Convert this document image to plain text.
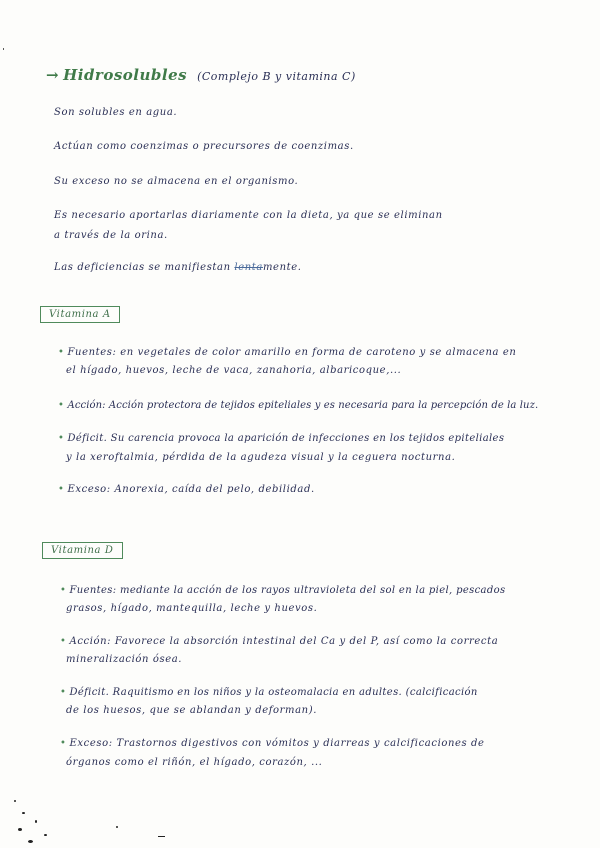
→ Hidrosolubles (Complejo B y vitamina C)
Son solubles en agua.
Actúan como coenzimas o precursores de coenzimas.
Su exceso no se almacena en el organismo.
Es necesario aportarlas diariamente con la dieta, ya que se eliminan
a través de la orina.
Las deficiencias se manifiestan lentamente.
Vitamina A
• Fuentes: en vegetales de color amarillo en forma de caroteno y se almacena en
el hígado, huevos, leche de vaca, zanahoria, albaricoque,...
• Acción: Acción protectora de tejidos epiteliales y es necesaria para la percepción de la luz.
• Déficit. Su carencia provoca la aparición de infecciones en los tejidos epiteliales
y la xeroftalmia, pérdida de la agudeza visual y la ceguera nocturna.
• Exceso: Anorexia, caída del pelo, debilidad.
Vitamina D
• Fuentes: mediante la acción de los rayos ultravioleta del sol en la piel, pescados
grasos, hígado, mantequilla, leche y huevos.
• Acción: Favorece la absorción intestinal del Ca y del P, así como la correcta
mineralización ósea.
• Déficit. Raquitismo en los niños y la osteomalacia en adultes. (calcificación
de los huesos, que se ablandan y deforman).
• Exceso: Trastornos digestivos con vómitos y diarreas y calcificaciones de
órganos como el riñón, el hígado, corazón, ...
